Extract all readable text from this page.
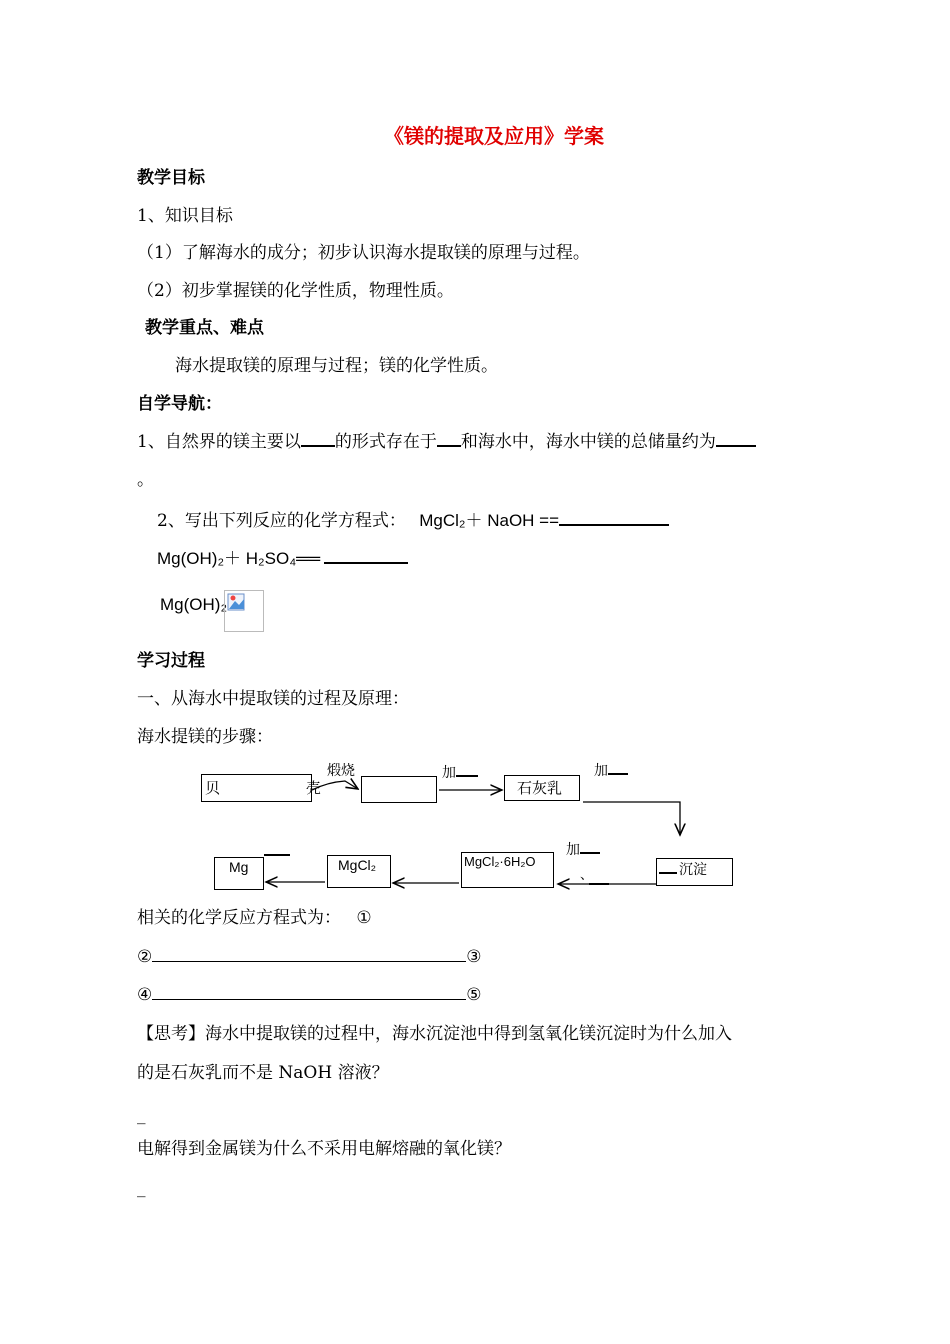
《镁的提取及应用》学案
教学目标
1、知识目标
（1）了解海水的成分；初步认识海水提取镁的原理与过程。
（2）初步掌握镁的化学性质，物理性质。
教学重点、难点
海水提取镁的原理与过程；镁的化学性质。
自学导航：
1、自然界的镁主要以 的形式存在于 和海水中，海水中镁的总储量约为
。
2、写出下列反应的化学方程式： MgCl₂＋ NaOH ==
Mg(OH)₂＋ H₂SO₄══
Mg(OH)₂
学习过程
一、从海水中提取镁的过程及原理：
海水提镁的步骤：
贝                  壳
煅烧	加
石灰乳
加
沉淀
加
、
MgCl₂·6H₂O
MgCl₂
Mg
相关的化学反应方程式为： ①
②	③
④	⑤
【思考】海水中提取镁的过程中，海水沉淀池中得到氢氧化镁沉淀时为什么加入
的是石灰乳而不是 NaOH 溶液？
_
电解得到金属镁为什么不采用电解熔融的氧化镁？
_
